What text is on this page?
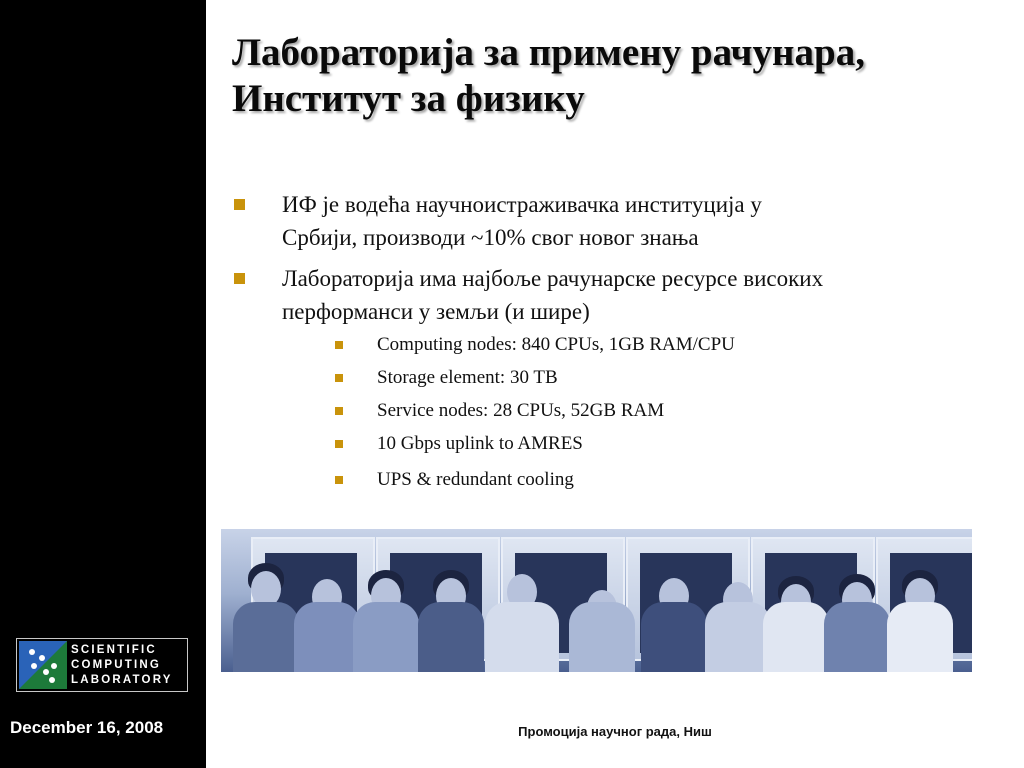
SCIENTIFIC
COMPUTING
LABORATORY
December 16, 2008
Лабораторија за примену рачунара,
Институт за физику
ИФ је водећа научноистраживачка институција у
Србији, производи ~10% свог новог знања
Лабораторија има најбоље рачунарске ресурсе високих
перформанси у земљи (и шире)
Computing nodes: 840 CPUs, 1GB RAM/CPU
Storage element: 30 TB
Service nodes: 28 CPUs, 52GB RAM
10 Gbps uplink to AMRES
UPS & redundant cooling
Промоција научног рада, Ниш
